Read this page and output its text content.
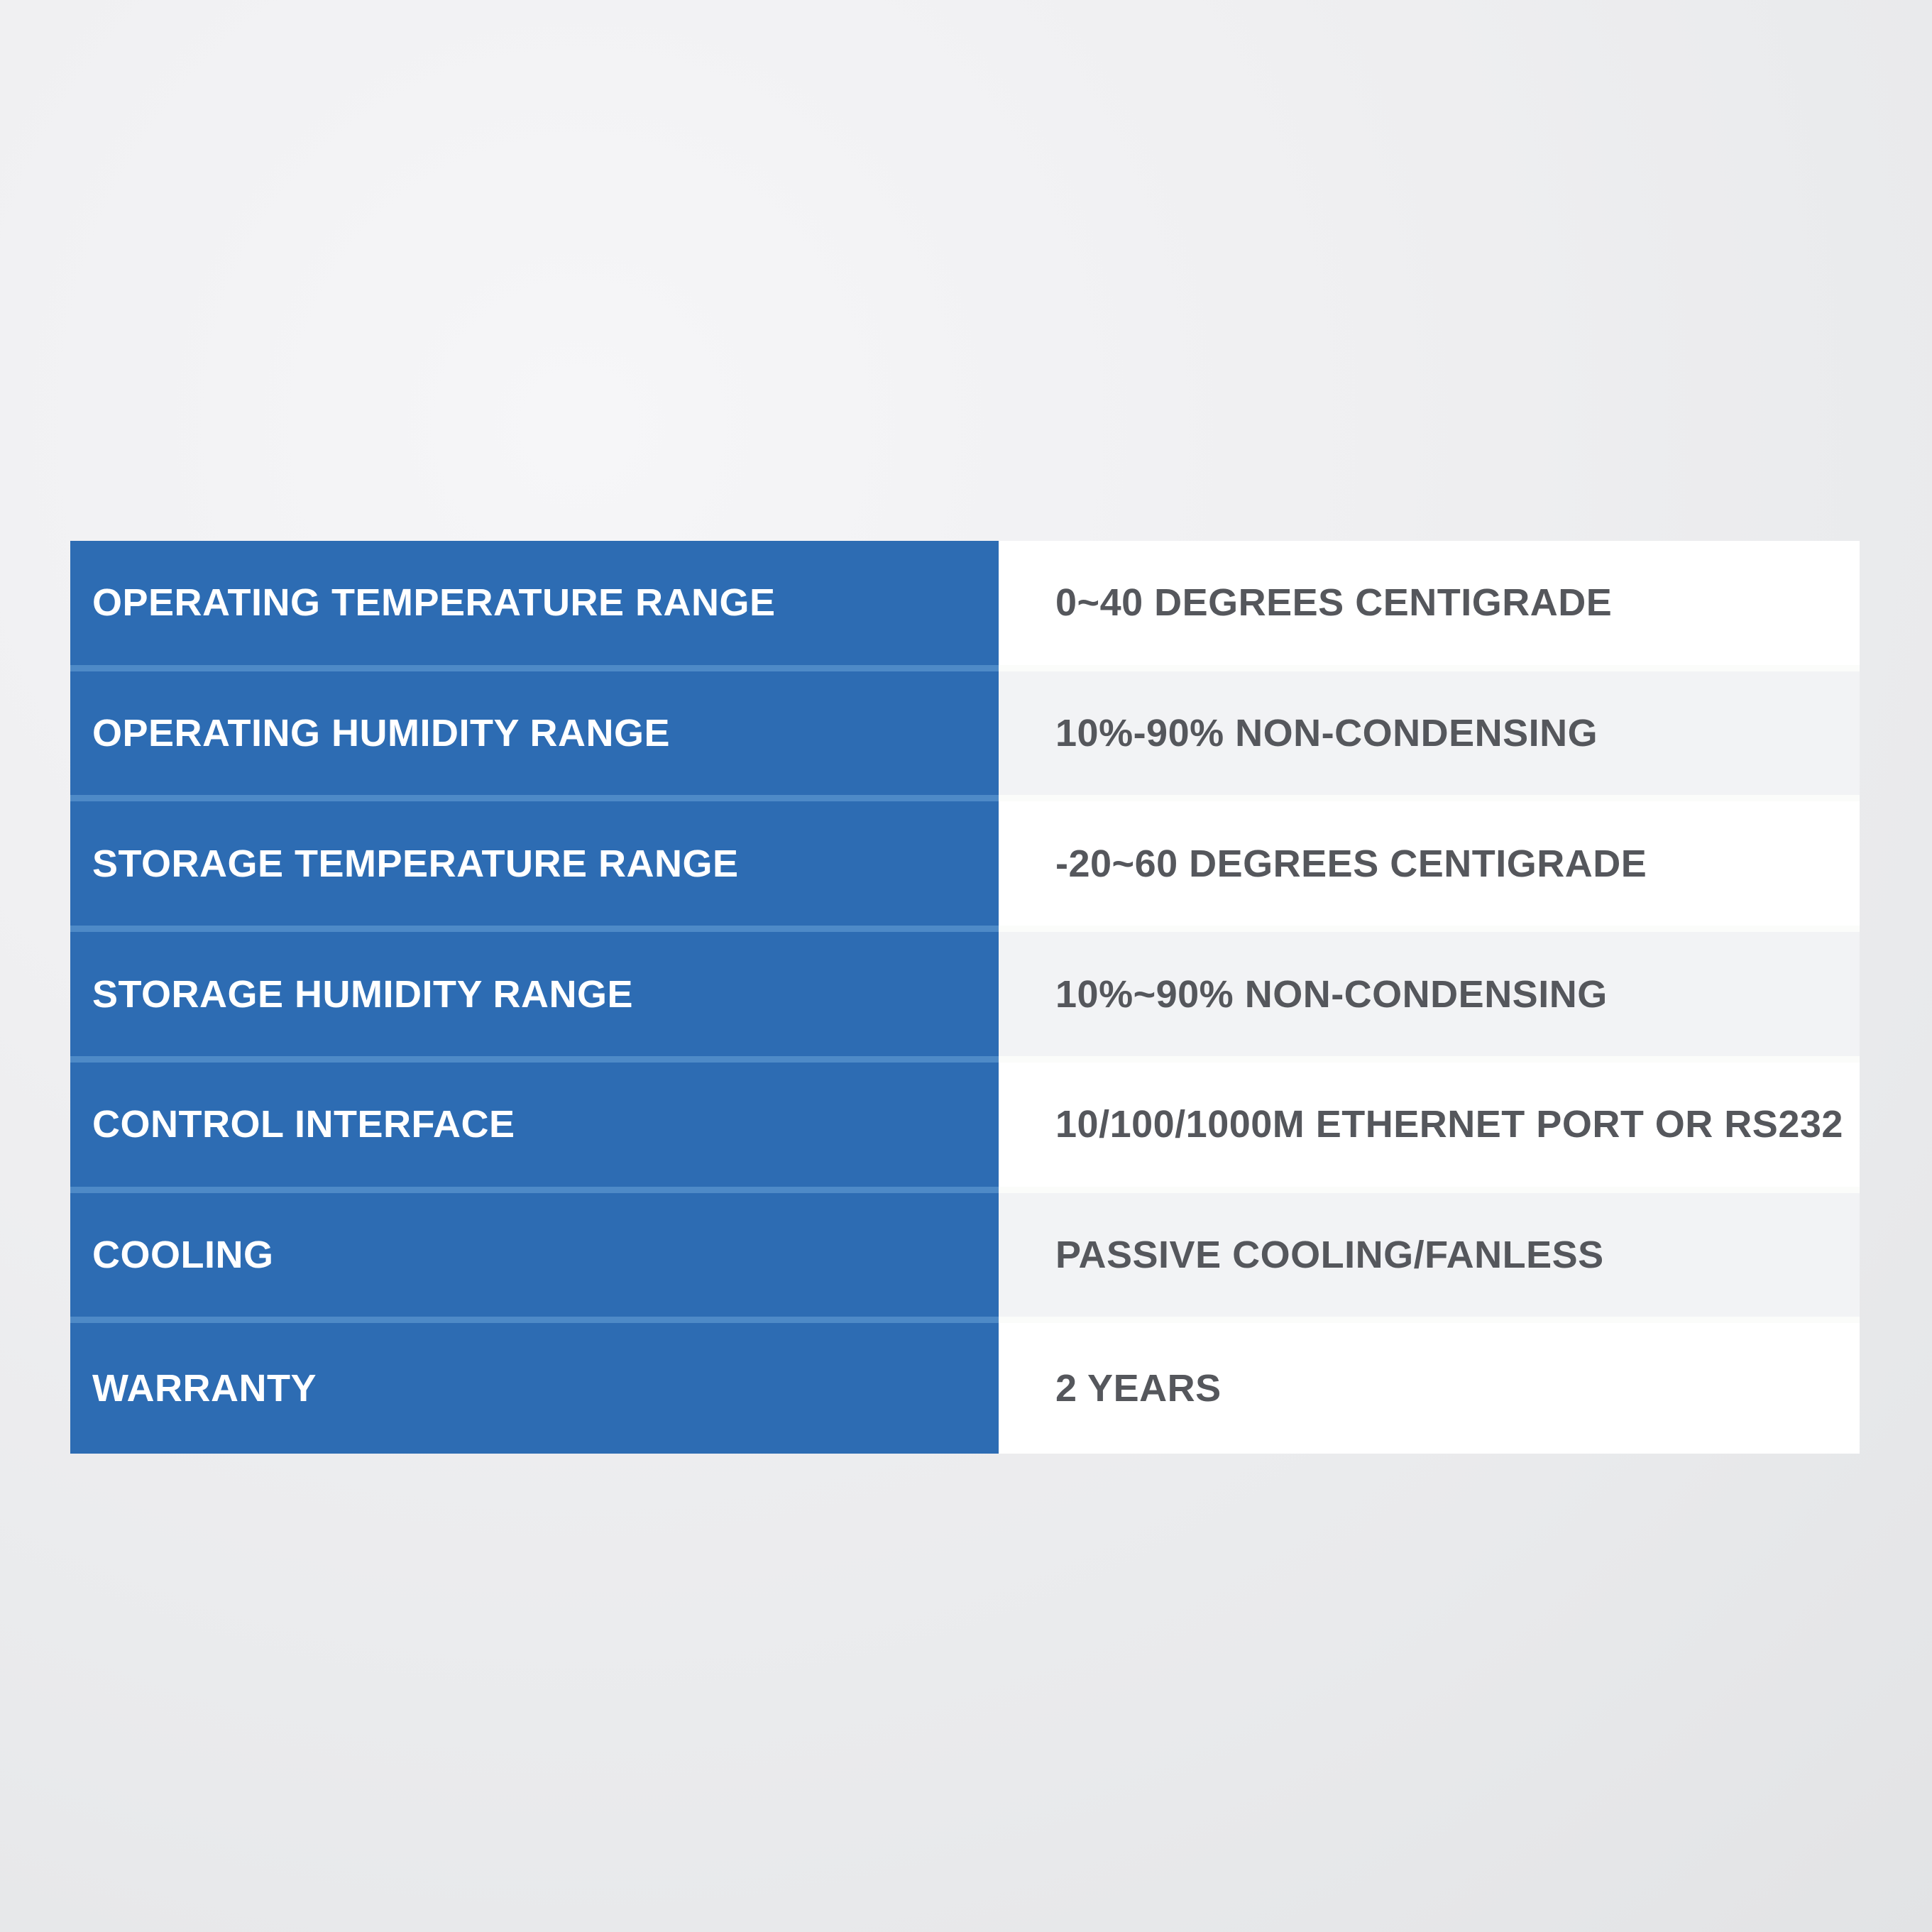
OPERATING TEMPERATURE RANGE	0~40 DEGREES CENTIGRADE
OPERATING HUMIDITY RANGE	10%-90% NON-CONDENSING
STORAGE TEMPERATURE RANGE	-20~60 DEGREES CENTIGRADE
STORAGE HUMIDITY RANGE	10%~90% NON-CONDENSING
CONTROL INTERFACE	10/100/1000M ETHERNET PORT OR RS232
COOLING	PASSIVE COOLING/FANLESS
WARRANTY	2 YEARS
